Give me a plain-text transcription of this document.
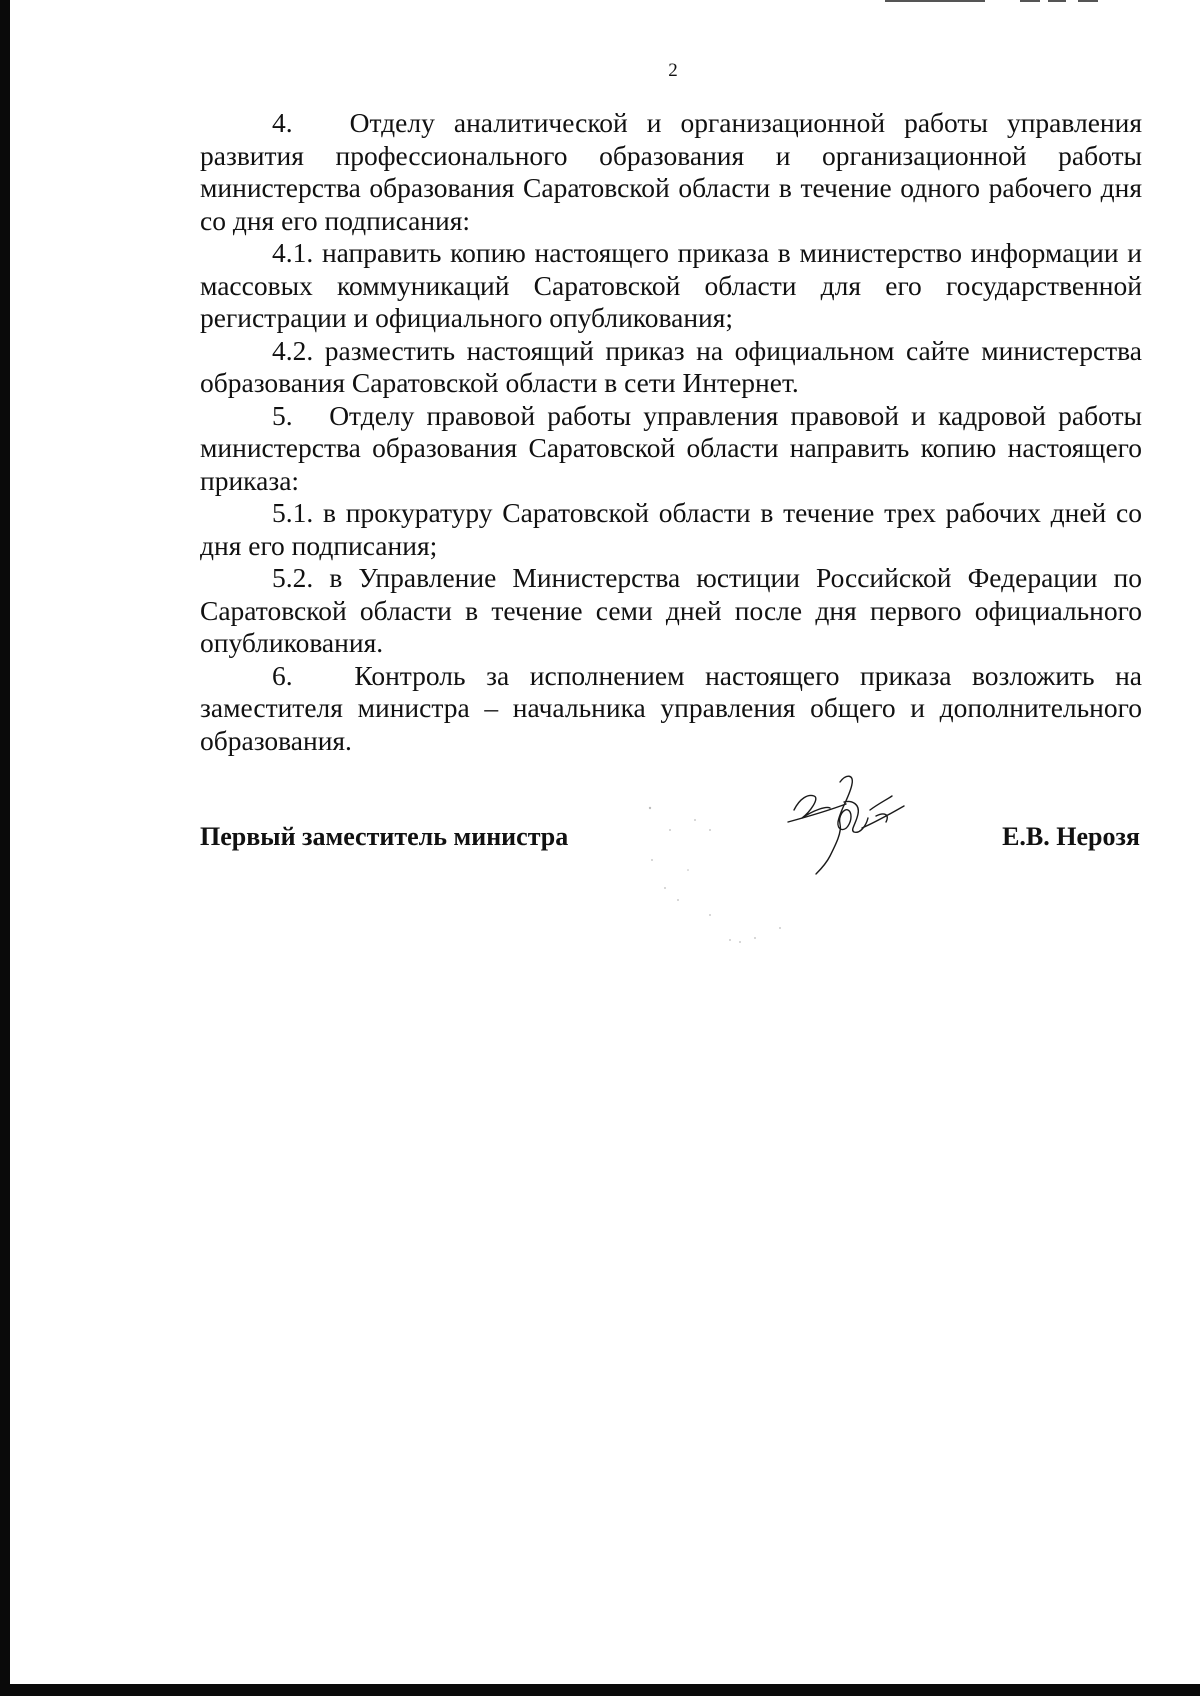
2

4.   Отделу аналитической и организационной работы управления развития профессионального образования и организационной работы министерства образования Саратовской области в течение одного рабочего дня со дня его подписания:

4.1. направить копию настоящего приказа в министерство информации и массовых коммуникаций Саратовской области для его государственной регистрации и официального опубликования;

4.2. разместить настоящий приказ на официальном сайте министерства образования Саратовской области в сети Интернет.

5.   Отделу правовой работы управления правовой и кадровой работы министерства образования Саратовской области направить копию настоящего приказа:

5.1. в прокуратуру Саратовской области в течение трех рабочих дней со дня его подписания;

5.2. в Управление Министерства юстиции Российской Федерации по Саратовской области в течение семи дней после дня первого официального опубликования.

6.   Контроль за исполнением настоящего приказа возложить на заместителя министра – начальника управления общего и дополнительного образования.

Первый заместитель министра	Е.В. Нерозя
